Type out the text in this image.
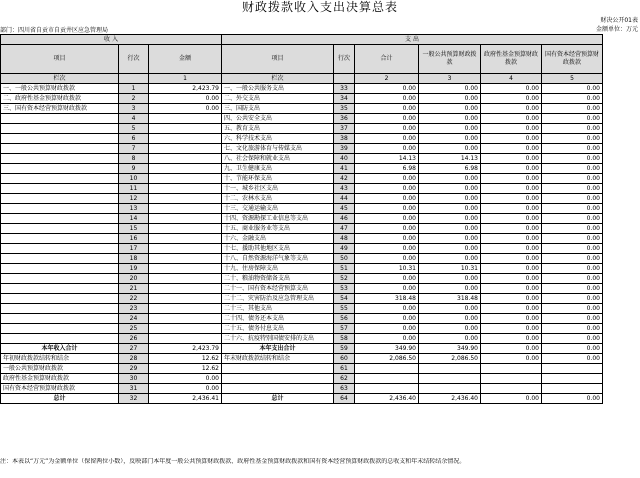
财政拨款收入支出决算总表
财决公开01表
部门：四川省自贡市自贡井区应急管理局	金额单位：万元
收 入			支 出					
项目	行次	金额	项目	行次	合计	一般公共预算财政拨款	政府性基金预算财政拨款	国有资本经营预算财政拨款
栏次		1	栏次		2	3	4	5
一、一般公共预算财政拨款	1	2,423.79	一、一般公共服务支出	33	0.00	0.00	0.00	0.00
二、政府性基金预算财政拨款	2	0.00	二、外交支出	34	0.00	0.00	0.00	0.00
三、国有资本经营预算财政拨款	3	0.00	三、国防支出	35	0.00	0.00	0.00	0.00
	4		四、公共安全支出	36	0.00	0.00	0.00	0.00
	5		五、教育支出	37	0.00	0.00	0.00	0.00
	6		六、科学技术支出	38	0.00	0.00	0.00	0.00
	7		七、文化旅游体育与传媒支出	39	0.00	0.00	0.00	0.00
	8		八、社会保障和就业支出	40	14.13	14.13	0.00	0.00
	9		九、卫生健康支出	41	6.98	6.98	0.00	0.00
	10		十、节能环保支出	42	0.00	0.00	0.00	0.00
	11		十一、城乡社区支出	43	0.00	0.00	0.00	0.00
	12		十二、农林水支出	44	0.00	0.00	0.00	0.00
	13		十三、交通运输支出	45	0.00	0.00	0.00	0.00
	14		十四、资源勘探工业信息等支出	46	0.00	0.00	0.00	0.00
	15		十五、商业服务业等支出	47	0.00	0.00	0.00	0.00
	16		十六、金融支出	48	0.00	0.00	0.00	0.00
	17		十七、援助其他地区支出	49	0.00	0.00	0.00	0.00
	18		十八、自然资源海洋气象等支出	50	0.00	0.00	0.00	0.00
	19		十九、住房保障支出	51	10.31	10.31	0.00	0.00
	20		二十、粮油物资储备支出	52	0.00	0.00	0.00	0.00
	21		二十一、国有资本经营预算支出	53	0.00	0.00	0.00	0.00
	22		二十二、灾害防治及应急管理支出	54	318.48	318.48	0.00	0.00
	23		二十三、其他支出	55	0.00	0.00	0.00	0.00
	24		二十四、债务还本支出	56	0.00	0.00	0.00	0.00
	25		二十五、债务付息支出	57	0.00	0.00	0.00	0.00
	26		二十六、抗疫特别国债安排的支出	58	0.00	0.00	0.00	0.00
本年收入合计	27	2,423.79	本年支出合计	59	349.90	349.90	0.00	0.00
年初财政拨款结转和结余	28	12.62	年末财政拨款结转和结余	60	2,086.50	2,086.50	0.00	0.00
一般公共预算财政拨款	29	12.62		61				
政府性基金预算财政拨款	30	0.00		62				
国有资本经营预算财政拨款	31	0.00		63				
总计	32	2,436.41	总计	64	2,436.40	2,436.40	0.00	0.00
注：本表以“万元”为金额单位（保留两位小数），反映部门本年度一般公共预算财政拨款、政府性基金预算财政拨款和国有资本经营预算财政拨款的总收支和年末结转结余情况。
